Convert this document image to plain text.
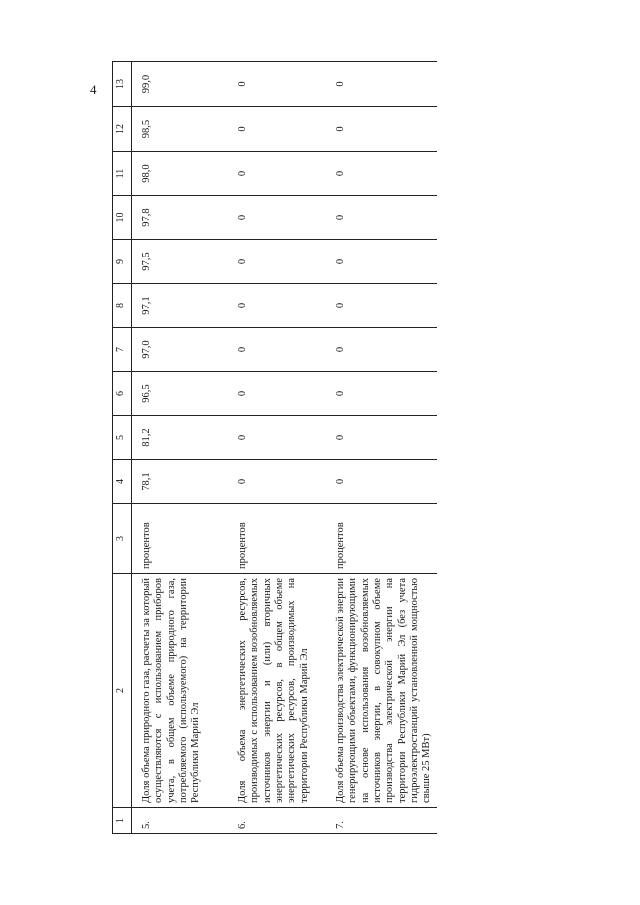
4
1	2	3	4	5	6	7	8	9	10	11	12	13

5.	Доля объема природного газа, расчеты за который осуществляются с использованием приборов учета, в общем объеме природного газа, потребляемого (используемого) на территории Республики Марий Эл	процентов	78,1	81,2	96,5	97,0	97,1	97,5	97,8	98,0	98,5	99,0
6.	Доля объема энергетических ресурсов, производимых с использованием возобновляемых источников энергии и (или) вторичных энергетических ресурсов, в общем объеме энергетических ресурсов, производимых на территории Республики Марий Эл	процентов	0	0	0	0	0	0	0	0	0	0
7.	Доля объема производства электрической энергии генерирующими объектами, функционирующими на основе использования возобновляемых источников энергии, в совокупном объеме производства электрической энергии на территории Республики Марий Эл (без учета гидроэлектростанций установленной мощностью свыше 25 МВт)	процентов	0	0	0	0	0	0	0	0	0	0
